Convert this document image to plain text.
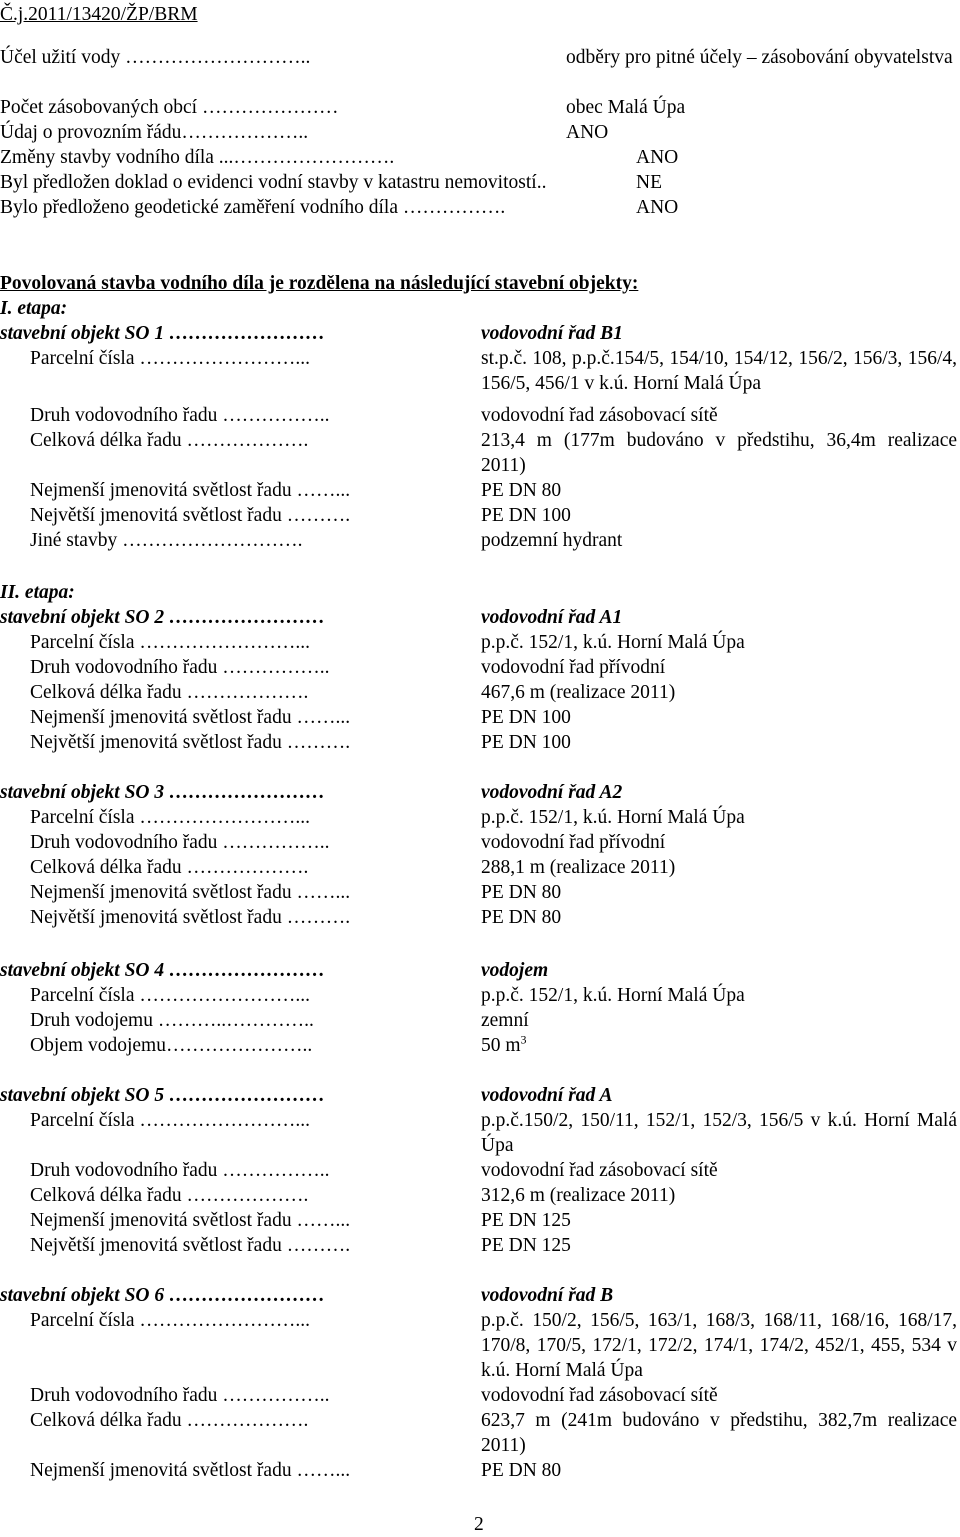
Č.j.2011/13420/ŽP/BRM
Účel užití vody ………………………..	odběry pro pitné účely – zásobování obyvatelstva
Počet zásobovaných obcí …………………	obec Malá Úpa
Údaj o provozním řádu………………..	ANO
Změny stavby vodního díla ...…………………….	ANO
Byl předložen doklad o evidenci vodní stavby v katastru nemovitostí..	NE
Bylo předloženo geodetické zaměření vodního díla …………….	ANO
Povolovaná stavba vodního díla je rozdělena na následující stavební objekty:
I. etapa:
stavební objekt SO 1 ……………………	vodovodní řad B1
Parcelní čísla ……………………...	st.p.č. 108, p.p.č.154/5, 154/10, 154/12, 156/2, 156/3, 156/4, 156/5, 456/1 v k.ú. Horní Malá Úpa
Druh vodovodního řadu ……………..	vodovodní řad zásobovací sítě
Celková délka řadu ……………….	213,4 m (177m budováno v předstihu, 36,4m realizace 2011)
Nejmenší jmenovitá světlost řadu ……...	PE DN 80
Největší jmenovitá světlost řadu ……….	PE DN 100
Jiné stavby ……………………….	podzemní hydrant
II. etapa:
stavební objekt SO 2 ……………………	vodovodní řad A1
Parcelní čísla ……………………...	p.p.č. 152/1, k.ú. Horní Malá Úpa
Druh vodovodního řadu ……………..	vodovodní řad přívodní
Celková délka řadu ……………….	467,6 m (realizace 2011)
Nejmenší jmenovitá světlost řadu ……...	PE DN 100
Největší jmenovitá světlost řadu ……….	PE DN 100
stavební objekt SO 3 ……………………	vodovodní řad A2
Parcelní čísla ……………………...	p.p.č. 152/1, k.ú. Horní Malá Úpa
Druh vodovodního řadu ……………..	vodovodní řad přívodní
Celková délka řadu ……………….	288,1 m (realizace 2011)
Nejmenší jmenovitá světlost řadu ……...	PE DN 80
Největší jmenovitá světlost řadu ……….	PE DN 80
stavební objekt SO 4 ……………………	vodojem
Parcelní čísla ……………………...	p.p.č. 152/1, k.ú. Horní Malá Úpa
Druh vodojemu ………..…………..	zemní
Objem vodojemu…………………..	50 $m^3$
stavební objekt SO 5 ……………………	vodovodní řad A
Parcelní čísla ……………………...	p.p.č.150/2, 150/11, 152/1, 152/3, 156/5 v k.ú. Horní Malá Úpa
Druh vodovodního řadu ……………..	vodovodní řad zásobovací sítě
Celková délka řadu ……………….	312,6 m (realizace 2011)
Nejmenší jmenovitá světlost řadu ……...	PE DN 125
Největší jmenovitá světlost řadu ……….	PE DN 125
stavební objekt SO 6 ……………………	vodovodní řad B
Parcelní čísla ……………………...	p.p.č. 150/2, 156/5, 163/1, 168/3, 168/11, 168/16, 168/17, 170/8, 170/5, 172/1, 172/2, 174/1, 174/2, 452/1, 455, 534 v k.ú. Horní Malá Úpa
Druh vodovodního řadu ……………..	vodovodní řad zásobovací sítě
Celková délka řadu ……………….	623,7 m (241m budováno v předstihu, 382,7m realizace 2011)
Nejmenší jmenovitá světlost řadu ……...	PE DN 80
2
